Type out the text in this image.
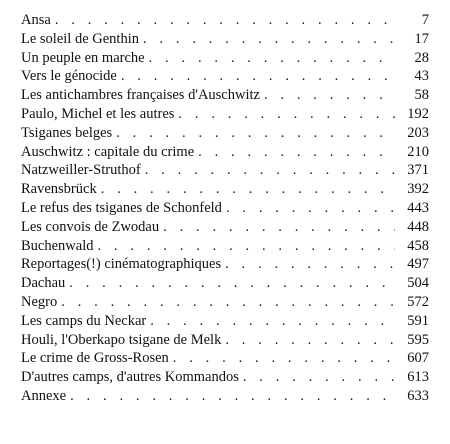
Ansa . . .	7
Le soleil de Genthin . . .	17
Un peuple en marche . . .	28
Vers le génocide . . .	43
Les antichambres françaises d'Auschwitz . . .	58
Paulo, Michel et les autres . . .	192
Tsiganes belges . . .	203
Auschwitz : capitale du crime . . .	210
Natzweiller-Struthof . . .	371
Ravensbrück . . .	392
Le refus des tsiganes de Schonfeld . . .	443
Les convois de Zwodau . . .	448
Buchenwald . . .	458
Reportages(!) cinématographiques . . .	497
Dachau . . .	504
Negro . . .	572
Les camps du Neckar . . .	591
Houli, l'Oberkapo tsigane de Melk . . .	595
Le crime de Gross-Rosen . . .	607
D'autres camps, d'autres Kommandos . . .	613
Annexe . . .	633
